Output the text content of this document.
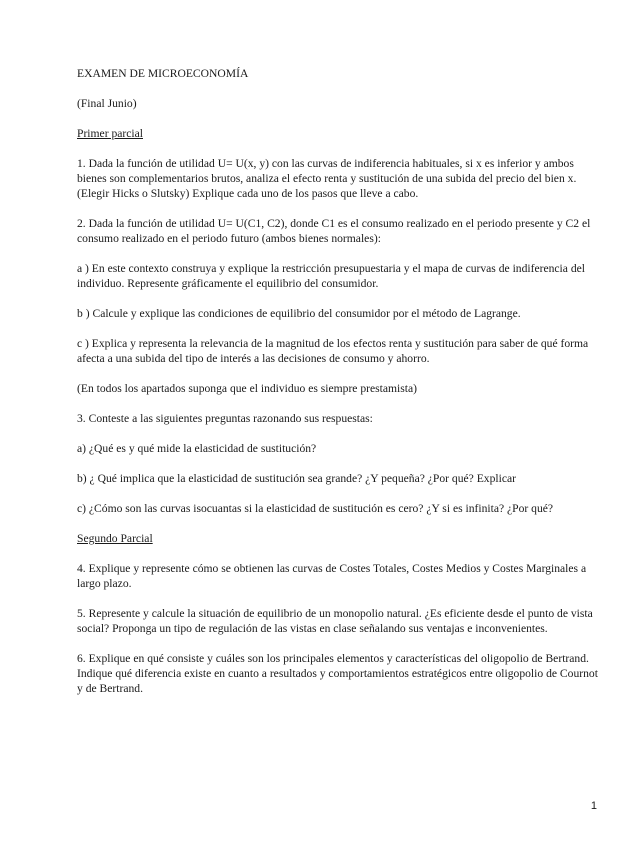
EXAMEN DE MICROECONOMÍA

(Final Junio)

Primer parcial

1. Dada la función de utilidad U= U(x, y) con las curvas de indiferencia habituales, si x es inferior y ambos bienes son complementarios brutos, analiza el efecto renta y sustitución de una subida del precio del bien x. (Elegir Hicks o Slutsky) Explique cada uno de los pasos que lleve a cabo.

2. Dada la función de utilidad U= U(C1, C2), donde C1 es el consumo realizado en el periodo presente y C2 el consumo realizado en el periodo futuro (ambos bienes normales):

a ) En este contexto construya y explique la restricción presupuestaria y el mapa de curvas de indiferencia del individuo. Represente gráficamente el equilibrio del consumidor.

b ) Calcule y explique las condiciones de equilibrio del consumidor por el método de Lagrange.

c ) Explica y representa la relevancia de la magnitud de los efectos renta y sustitución para saber de qué forma afecta a una subida del tipo de interés a las decisiones de consumo y ahorro.

(En todos los apartados suponga que el individuo es siempre prestamista)

3. Conteste a las siguientes preguntas razonando sus respuestas:

a) ¿Qué es y qué mide la elasticidad de sustitución?

b) ¿ Qué implica que la elasticidad de sustitución sea grande? ¿Y pequeña? ¿Por qué? Explicar

c) ¿Cómo son las curvas isocuantas si la elasticidad de sustitución es cero? ¿Y si es infinita? ¿Por qué?

Segundo Parcial

4. Explique y represente cómo se obtienen las curvas de Costes Totales, Costes Medios y Costes Marginales a largo plazo.

5. Represente y calcule la situación de equilibrio de un monopolio natural. ¿Es eficiente desde el punto de vista social? Proponga un tipo de regulación de las vistas en clase señalando sus ventajas e inconvenientes.

6. Explique en qué consiste y cuáles son los principales elementos y características del oligopolio de Bertrand. Indique qué diferencia existe en cuanto a resultados y comportamientos estratégicos entre oligopolio de Cournot y de Bertrand.

1
